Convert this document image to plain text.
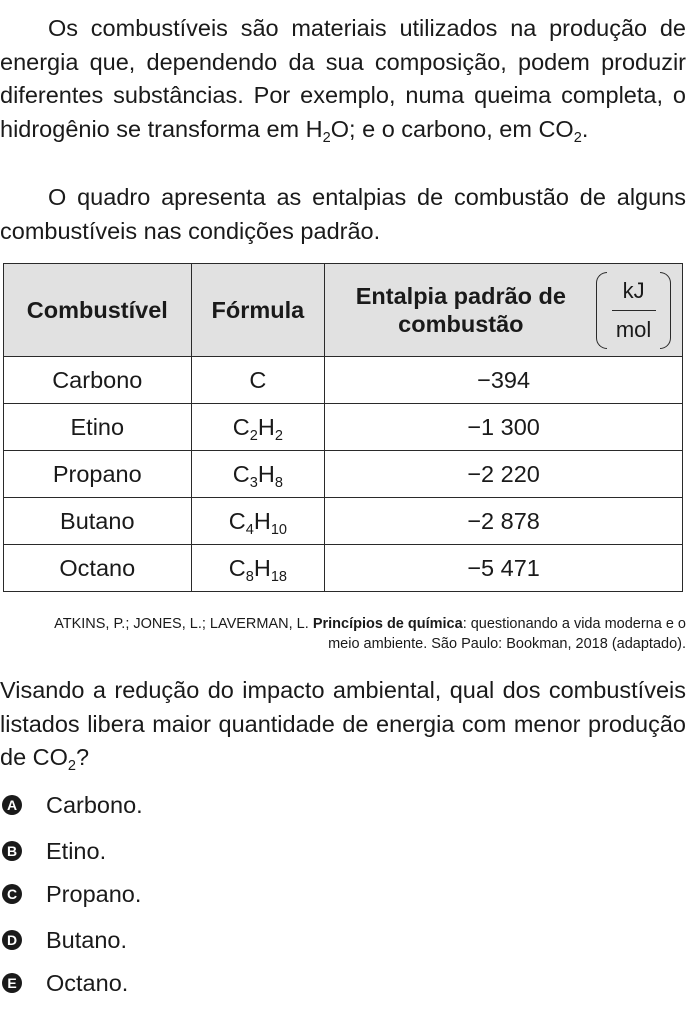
Os combustíveis são materiais utilizados na produção de energia que, dependendo da sua composição, podem produzir diferentes substâncias. Por exemplo, numa queima completa, o hidrogênio se transforma em $H_2O$; e o carbono, em $CO_2$.

O quadro apresenta as entalpias de combustão de alguns combustíveis nas condições padrão.

Combustível	Fórmula	Entalpia padrão de combustão $\frac{kJ}{\text{mol}}$

Carbono	C	−394
Etino	$C_2H_2$	−1 300
Propano	$C_3H_8$	−2 220
Butano	$C_4H_{10}$	−2 878
Octano	$C_8H_{18}$	−5 471

ATKINS, P.; JONES, L.; LAVERMAN, L. Princípios de química: questionando a vida moderna e o meio ambiente. São Paulo: Bookman, 2018 (adaptado).

Visando a redução do impacto ambiental, qual dos combustíveis listados libera maior quantidade de energia com menor produção de $CO_2$?

A Carbono.
B Etino.
C Propano.
D Butano.
E Octano.
